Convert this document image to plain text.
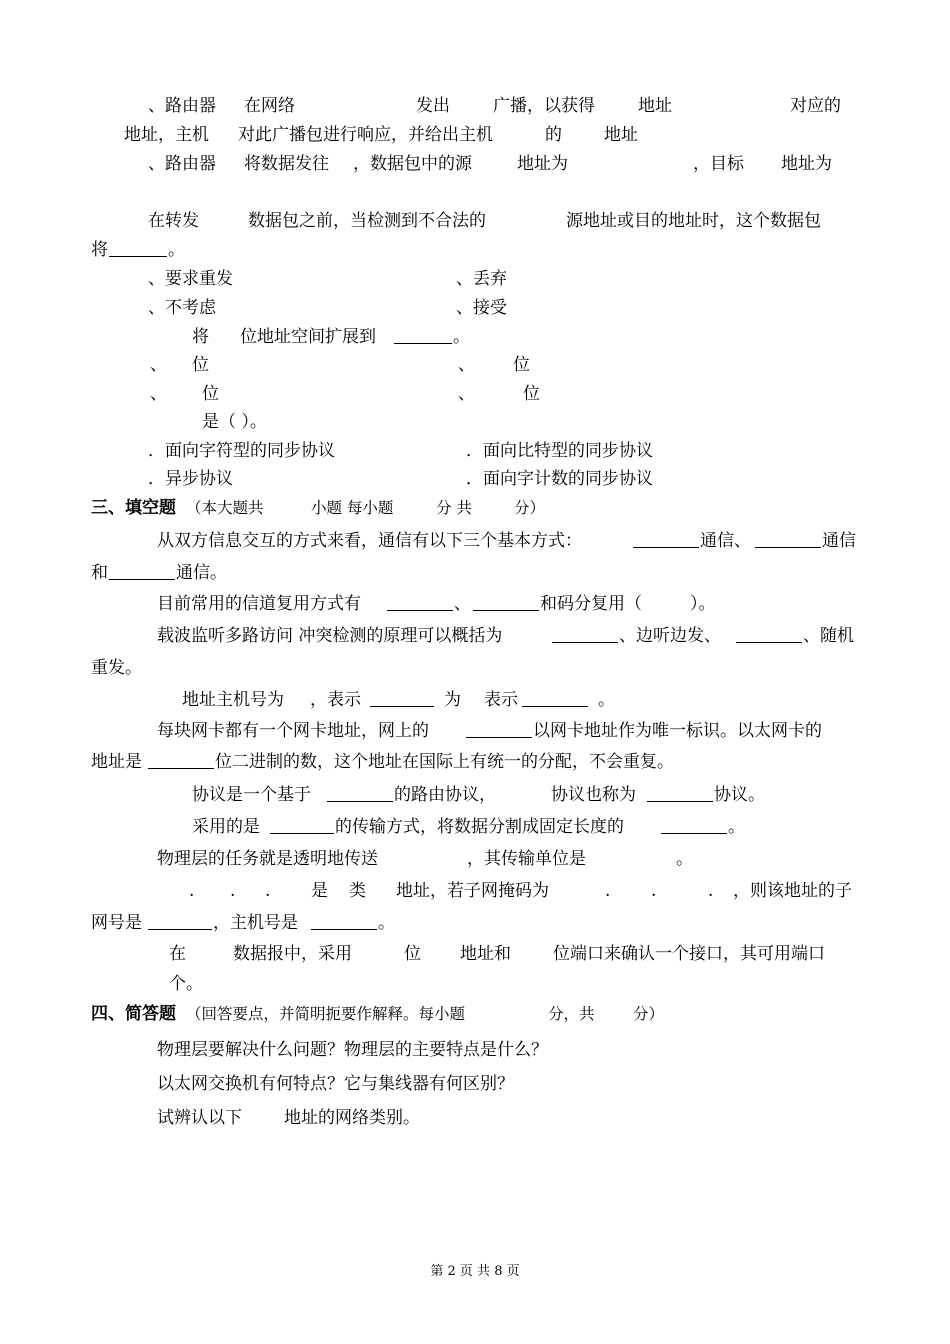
、路由器 在网络	发出	广播，以获得	地址	对应的
地址，主机 对此广播包进行响应，并给出主机	的 地址
、路由器 将数据发往 ，数据包中的源	地址为	，目标 地址为
在转发	数据包之前，当检测到不合法的	源地址或目的地址时，这个数据包
将	。
、要求重发	、丢弃
、不考虑	、接受
将 位地址空间扩展到	。
、 位	、 位
、 位	、	位
是（ ）。
．面向字符型的同步协议	．面向比特型的同步协议
．异步协议	．面向字计数的同步协议
三、填空题 （本大题共	小题 每小题	分 共	分）
从双方信息交互的方式来看，通信有以下三个基本方式：	通信、	通信
和	通信。
目前常用的信道复用方式有	、	和码分复用（	）。
载波监听多路访问 冲突检测的原理可以概括为	、边听边发、	、随机
重发。
地址主机号为 ，表示	为 表示	。
每块网卡都有一个网卡地址，网上的	以网卡地址作为唯一标识。以太网卡的
地址是	位二进制的数，这个地址在国际上有统一的分配，不会重复。
协议是一个基于	的路由协议，	协议也称为	协议。
采用的是	的传输方式，将数据分割成固定长度的	。
物理层的任务就是透明地传送	，其传输单位是	。
. . . 是 类 地址，若子网掩码为	. .	. ，则该地址的子
网号是	，主机号是	。
在	数据报中，采用	位 地址和 位端口来确认一个接口，其可用端口
个。
四、简答题 （回答要点，并简明扼要作解释。每小题	分，共 分）
物理层要解决什么问题？物理层的主要特点是什么？
以太网交换机有何特点？它与集线器有何区别？
试辨认以下 地址的网络类别。
第 2 页 共 8 页
